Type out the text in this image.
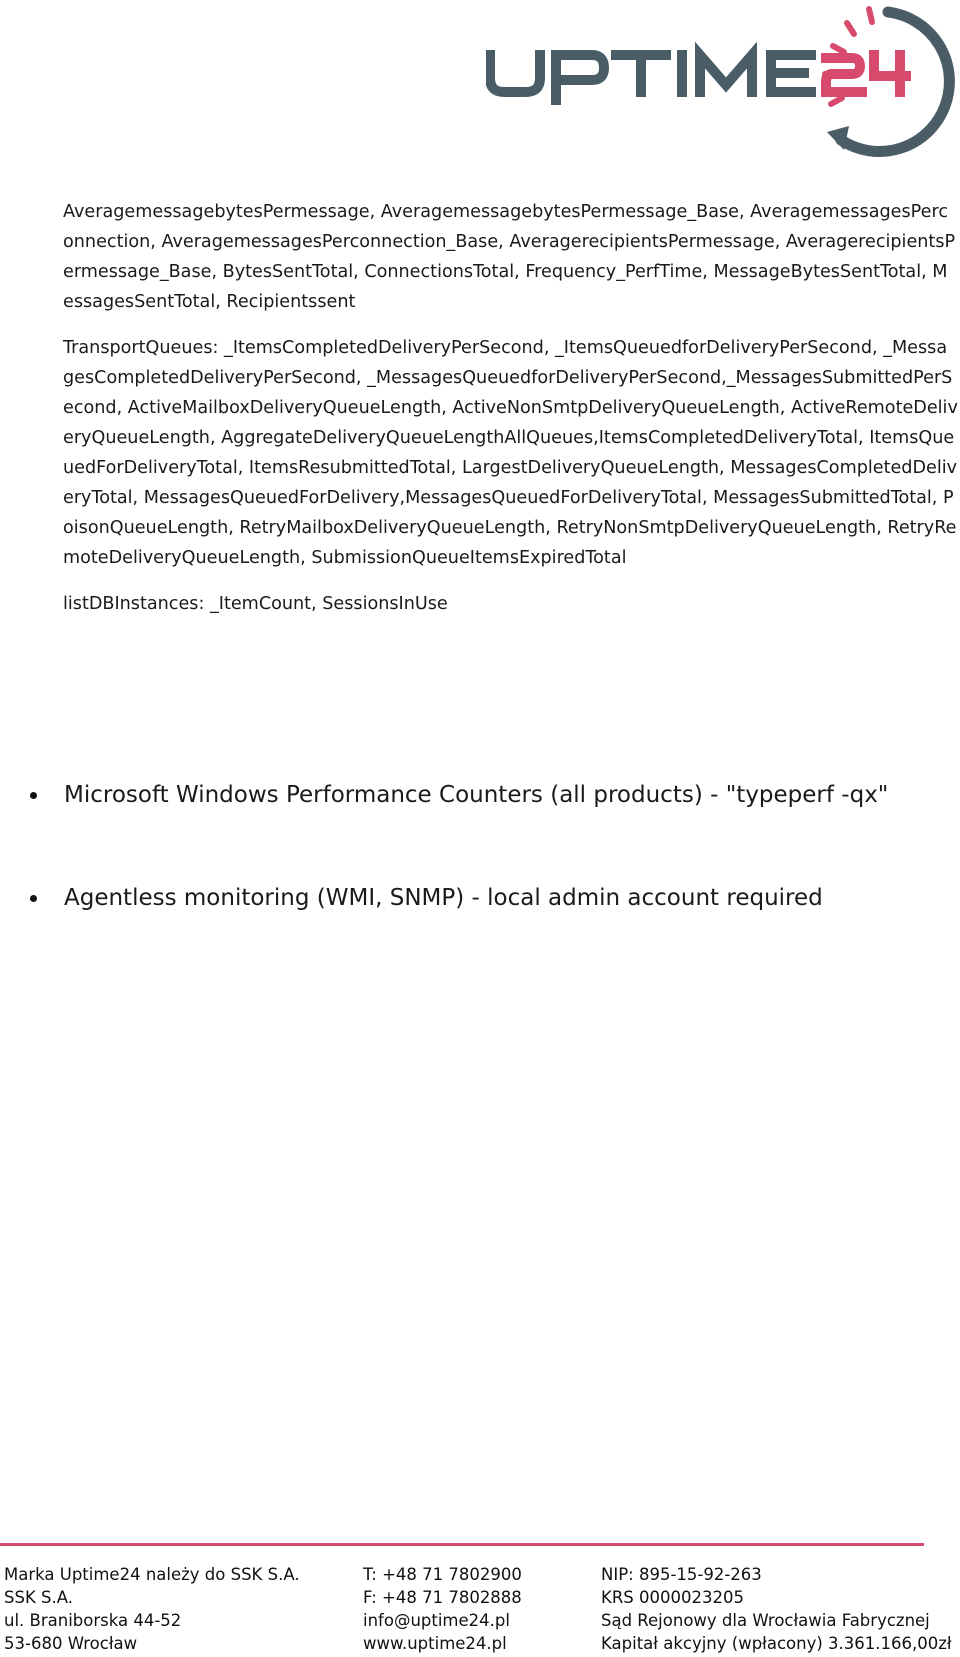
AveragemessagebytesPermessage, AveragemessagebytesPermessage_Base, AveragemessagesPerconnection, AveragemessagesPerconnection_Base, AveragerecipientsPermessage, AveragerecipientsPermessage_Base, BytesSentTotal, ConnectionsTotal, Frequency_PerfTime, MessageBytesSentTotal, MessagesSentTotal, Recipientssent

TransportQueues: _ItemsCompletedDeliveryPerSecond, _ItemsQueuedforDeliveryPerSecond, _MessagesCompletedDeliveryPerSecond, _MessagesQueuedforDeliveryPerSecond,_MessagesSubmittedPerSecond, ActiveMailboxDeliveryQueueLength, ActiveNonSmtpDeliveryQueueLength, ActiveRemoteDeliveryQueueLength, AggregateDeliveryQueueLengthAllQueues,ItemsCompletedDeliveryTotal, ItemsQueuedForDeliveryTotal, ItemsResubmittedTotal, LargestDeliveryQueueLength, MessagesCompletedDeliveryTotal, MessagesQueuedForDelivery,MessagesQueuedForDeliveryTotal, MessagesSubmittedTotal, PoisonQueueLength, RetryMailboxDeliveryQueueLength, RetryNonSmtpDeliveryQueueLength, RetryRemoteDeliveryQueueLength, SubmissionQueueItemsExpiredTotal

listDBInstances: _ItemCount, SessionsInUse

Microsoft Windows Performance Counters (all products) - "typeperf -qx"
Agentless monitoring (WMI, SNMP) - local admin account required
Marka Uptime24 należy do SSK S.A.
SSK S.A.
ul. Braniborska 44-52
53-680 Wrocław
T: +48 71 7802900
F: +48 71 7802888
info@uptime24.pl
www.uptime24.pl
NIP: 895-15-92-263
KRS 0000023205
Sąd Rejonowy dla Wrocławia Fabrycznej
Kapitał akcyjny (wpłacony) 3.361.166,00zł
